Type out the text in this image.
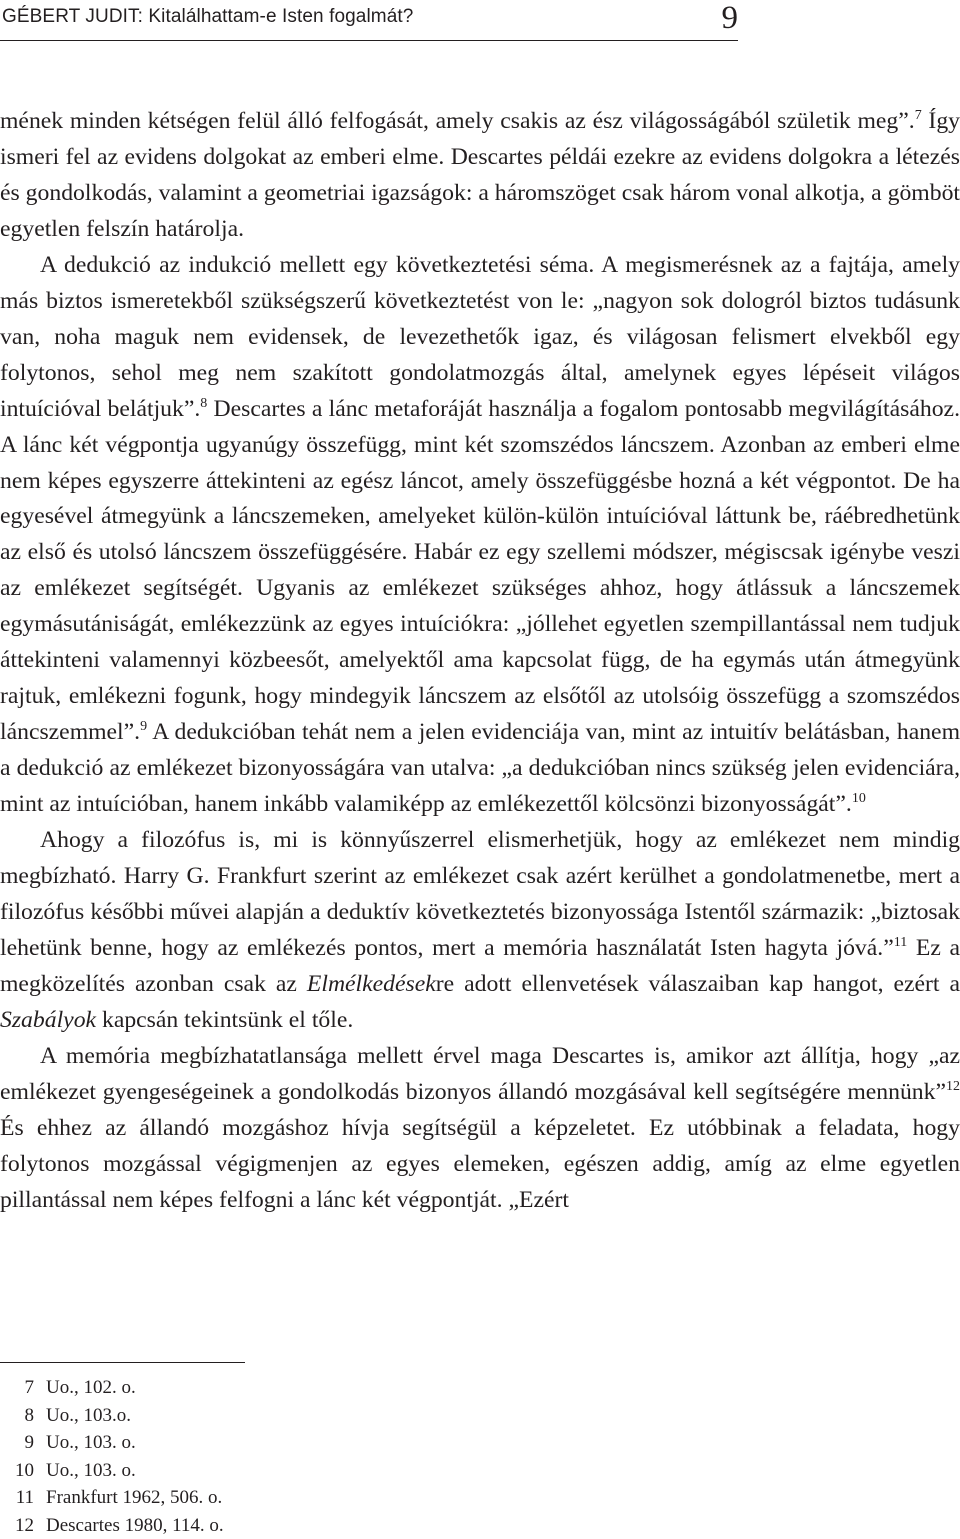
GÉBERT JUDIT: Kitalálhattam-e Isten fogalmát?	9

mének minden kétségen felül álló felfogását, amely csakis az ész világosságából születik meg”.$^7$ Így ismeri fel az evidens dolgokat az emberi elme. Descartes példái ezekre az evidens dolgokra a létezés és gondolkodás, valamint a geometriai igazságok: a háromszöget csak három vonal alkotja, a gömböt egyetlen felszín határolja.

A dedukció az indukció mellett egy következtetési séma. A megismerésnek az a fajtája, amely más biztos ismeretekből szükségszerű következtetést von le: „nagyon sok dologról biztos tudásunk van, noha maguk nem evidensek, de levezethetők igaz, és világosan felismert elvekből egy folytonos, sehol meg nem szakított gondolatmozgás által, amelynek egyes lépéseit világos intuícióval belátjuk”.$^8$ Descartes a lánc metaforáját használja a fogalom pontosabb megvilágításához. A lánc két végpontja ugyanúgy összefügg, mint két szomszédos láncszem. Azonban az emberi elme nem képes egyszerre áttekinteni az egész láncot, amely összefüggésbe hozná a két végpontot. De ha egyesével átmegyünk a láncszemeken, amelyeket külön-külön intuícióval láttunk be, ráébredhetünk az első és utolsó láncszem összefüggésére. Habár ez egy szellemi módszer, mégiscsak igénybe veszi az emlékezet segítségét. Ugyanis az emlékezet szükséges ahhoz, hogy átlássuk a láncszemek egymásutániságát, emlékezzünk az egyes intuíciókra: „jóllehet egyetlen szempillantással nem tudjuk áttekinteni valamennyi közbeesőt, amelyektől ama kapcsolat függ, de ha egymás után átmegyünk rajtuk, emlékezni fogunk, hogy mindegyik láncszem az elsőtől az utolsóig összefügg a szomszédos láncszemmel”.$^9$ A dedukcióban tehát nem a jelen evidenciája van, mint az intuitív belátásban, hanem a dedukció az emlékezet bizonyosságára van utalva: „a dedukcióban nincs szükség jelen evidenciára, mint az intuícióban, hanem inkább valamiképp az emlékezettől kölcsönzi bizonyosságát”.$^{10}$

Ahogy a filozófus is, mi is könnyűszerrel elismerhetjük, hogy az emlékezet nem mindig megbízható. Harry G. Frankfurt szerint az emlékezet csak azért kerülhet a gondolatmenetbe, mert a filozófus későbbi művei alapján a deduktív következtetés bizonyossága Istentől származik: „biztosak lehetünk benne, hogy az emlékezés pontos, mert a memória használatát Isten hagyta jóvá.”$^{11}$ Ez a megközelítés azonban csak az Elmélkedésekre adott ellenvetések válaszaiban kap hangot, ezért a Szabályok kapcsán tekintsünk el tőle.

A memória megbízhatatlansága mellett érvel maga Descartes is, amikor azt állítja, hogy „az emlékezet gyengeségeinek a gondolkodás bizonyos állandó mozgásával kell segítségére mennünk”$^{12}$ És ehhez az állandó mozgáshoz hívja segítségül a képzeletet. Ez utóbbinak a feladata, hogy folytonos mozgással végigmenjen az egyes elemeken, egészen addig, amíg az elme egyetlen pillantással nem képes felfogni a lánc két végpontját. „Ezért

7 Uo., 102. o.
8 Uo., 103.o.
9 Uo., 103. o.
10 Uo., 103. o.
11 Frankfurt 1962, 506. o.
12 Descartes 1980, 114. o.
